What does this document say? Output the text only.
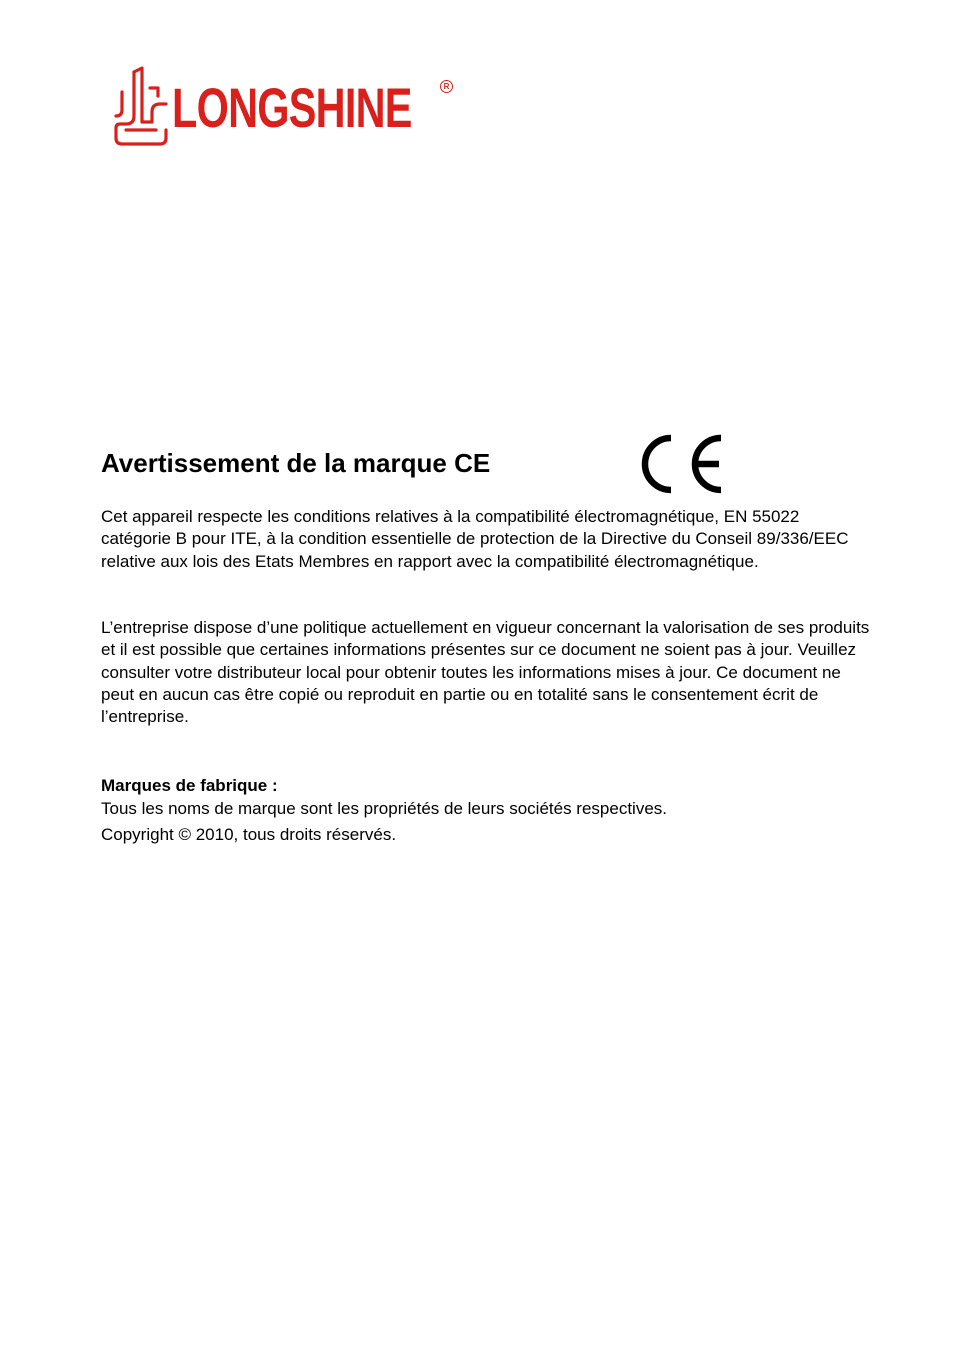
LONGSHINE	R
Avertissement de la marque CE

Cet appareil respecte les conditions relatives à la compatibilité électromagnétique, EN 55022 catégorie B pour ITE, à la condition essentielle de protection de la Directive du Conseil 89/336/EEC relative aux lois des Etats Membres en rapport avec la compatibilité électromagnétique.

L’entreprise dispose d’une politique actuellement en vigueur concernant la valorisation de ses produits et il est possible que certaines informations présentes sur ce document ne soient pas à jour. Veuillez consulter votre distributeur local pour obtenir toutes les informations mises à jour. Ce document ne peut en aucun cas être copié ou reproduit en partie ou en totalité sans le consentement écrit de l’entreprise.

Marques de fabrique :

Tous les noms de marque sont les propriétés de leurs sociétés respectives.

Copyright © 2010, tous droits réservés.
